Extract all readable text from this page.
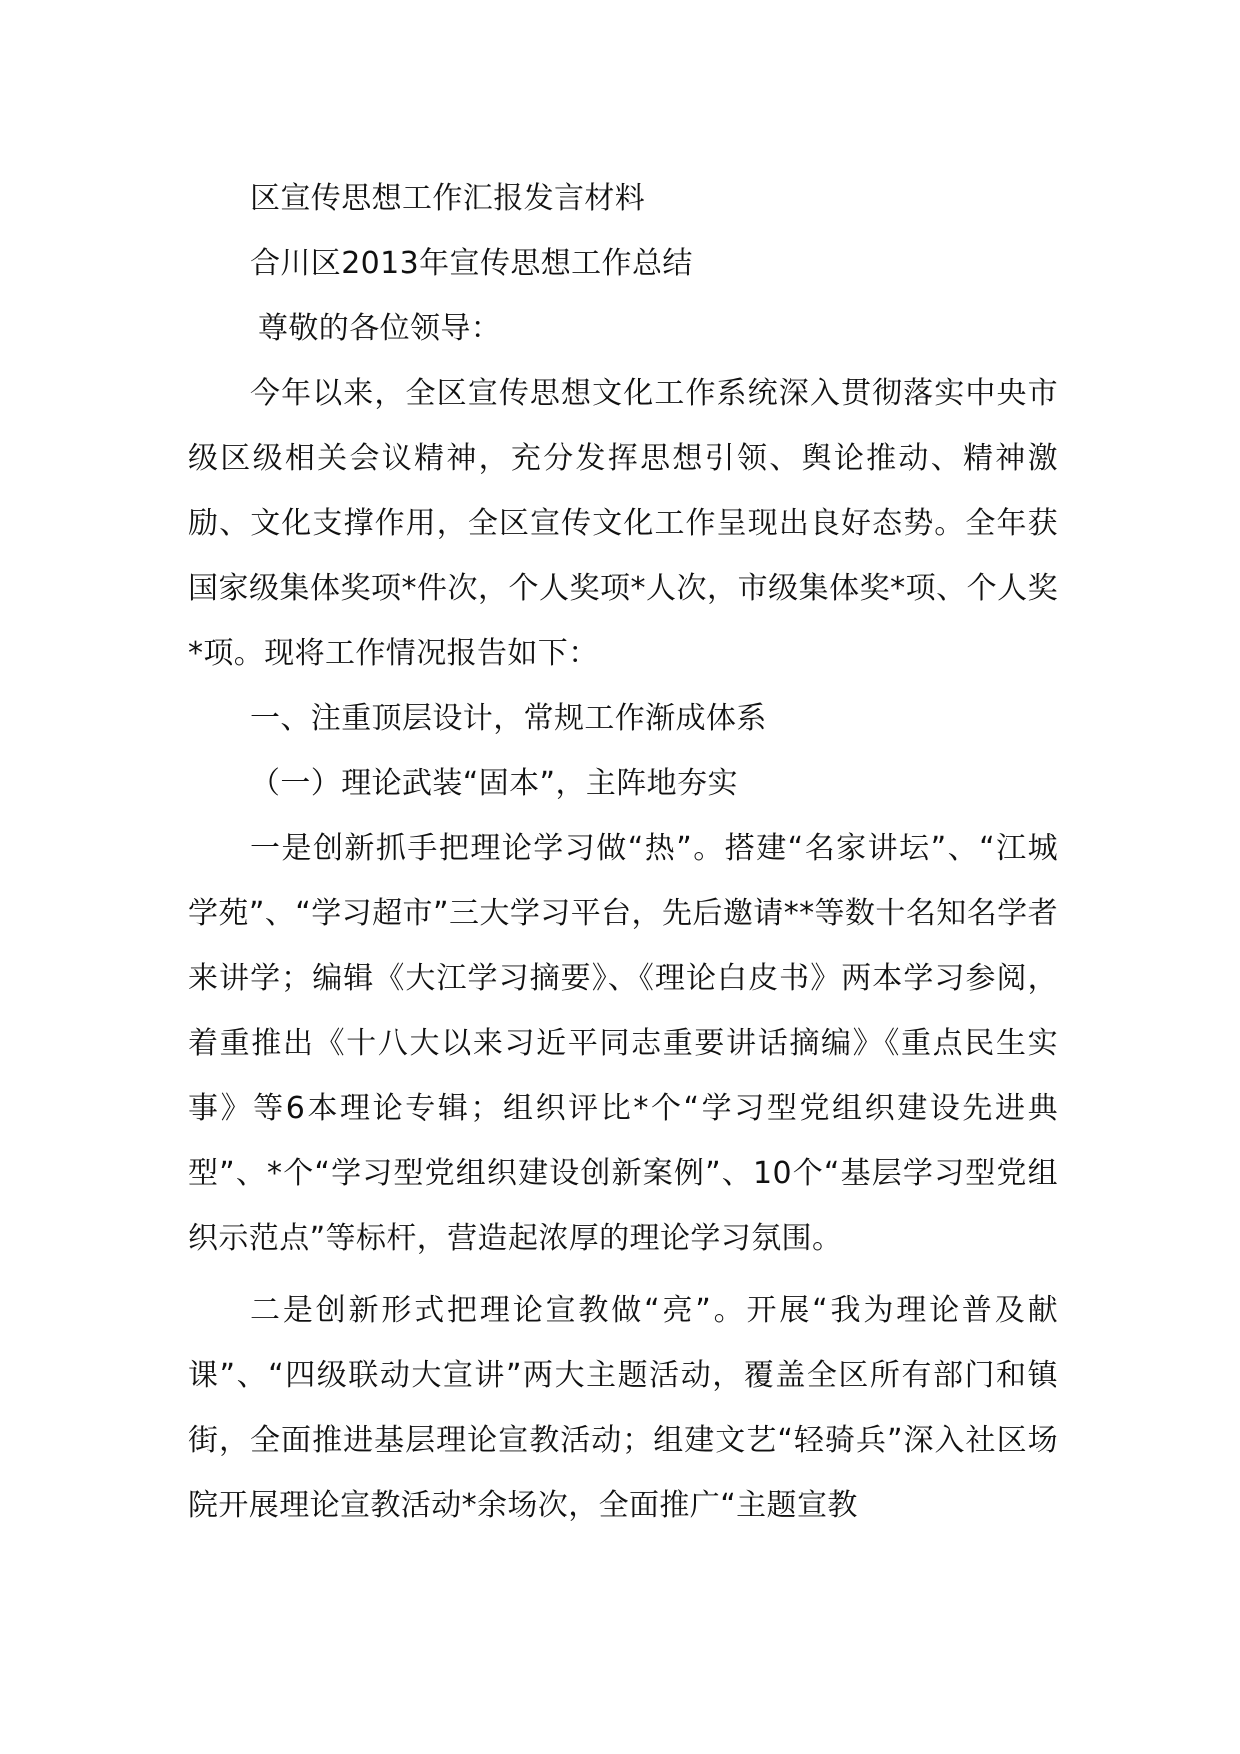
区宣传思想工作汇报发言材料

合川区2013年宣传思想工作总结

尊敬的各位领导：

今年以来，全区宣传思想文化工作系统深入贯彻落实中央市级区级相关会议精神，充分发挥思想引领、舆论推动、精神激励、文化支撑作用，全区宣传文化工作呈现出良好态势。全年获国家级集体奖项*件次，个人奖项*人次，市级集体奖*项、个人奖*项。现将工作情况报告如下：

一、注重顶层设计，常规工作渐成体系

（一）理论武装“固本”，主阵地夯实

一是创新抓手把理论学习做“热”。搭建“名家讲坛”、“江城学苑”、“学习超市”三大学习平台，先后邀请**等数十名知名学者来讲学；编辑《大江学习摘要》、《理论白皮书》两本学习参阅，着重推出《十八大以来习近平同志重要讲话摘编》《重点民生实事》等6本理论专辑；组织评比*个“学习型党组织建设先进典型”、*个“学习型党组织建设创新案例”、10个“基层学习型党组织示范点”等标杆，营造起浓厚的理论学习氛围。

二是创新形式把理论宣教做“亮”。开展“我为理论普及献课”、“四级联动大宣讲”两大主题活动，覆盖全区所有部门和镇街，全面推进基层理论宣教活动；组建文艺“轻骑兵”深入社区场院开展理论宣教活动*余场次，全面推广“主题宣教
